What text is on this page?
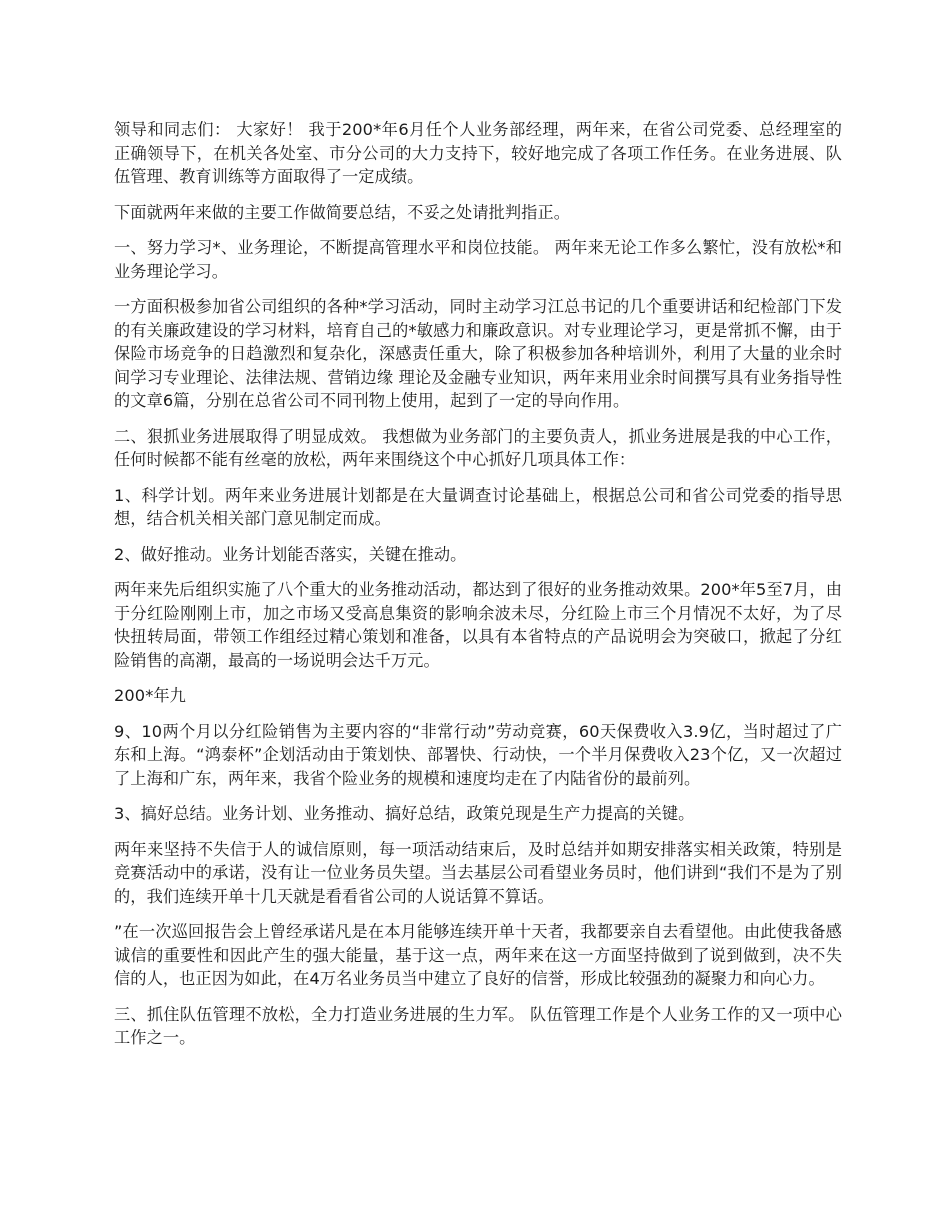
领导和同志们： 大家好！ 我于200*年6月任个人业务部经理，两年来，在省公司党委、总经理室的正确领导下，在机关各处室、市分公司的大力支持下，较好地完成了各项工作任务。在业务进展、队伍管理、教育训练等方面取得了一定成绩。

下面就两年来做的主要工作做简要总结，不妥之处请批判指正。

一、努力学习*、业务理论，不断提高管理水平和岗位技能。 两年来无论工作多么繁忙，没有放松*和业务理论学习。

一方面积极参加省公司组织的各种*学习活动，同时主动学习江总书记的几个重要讲话和纪检部门下发的有关廉政建设的学习材料，培育自己的*敏感力和廉政意识。对专业理论学习，更是常抓不懈，由于保险市场竞争的日趋激烈和复杂化，深感责任重大，除了积极参加各种培训外，利用了大量的业余时间学习专业理论、法律法规、营销边缘 理论及金融专业知识，两年来用业余时间撰写具有业务指导性的文章6篇，分别在总省公司不同刊物上使用，起到了一定的导向作用。

二、狠抓业务进展取得了明显成效。 我想做为业务部门的主要负责人，抓业务进展是我的中心工作，任何时候都不能有丝毫的放松，两年来围绕这个中心抓好几项具体工作：

1、科学计划。两年来业务进展计划都是在大量调查讨论基础上，根据总公司和省公司党委的指导思想，结合机关相关部门意见制定而成。

2、做好推动。业务计划能否落实，关键在推动。

两年来先后组织实施了八个重大的业务推动活动，都达到了很好的业务推动效果。200*年5至7月，由于分红险刚刚上市，加之市场又受高息集资的影响余波未尽，分红险上市三个月情况不太好，为了尽快扭转局面，带领工作组经过精心策划和准备，以具有本省特点的产品说明会为突破口，掀起了分红险销售的高潮，最高的一场说明会达千万元。

200*年九

9、10两个月以分红险销售为主要内容的“非常行动”劳动竞赛，60天保费收入3.9亿，当时超过了广东和上海。“鸿泰杯”企划活动由于策划快、部署快、行动快，一个半月保费收入23个亿，又一次超过了上海和广东，两年来，我省个险业务的规模和速度均走在了内陆省份的最前列。

3、搞好总结。业务计划、业务推动、搞好总结，政策兑现是生产力提高的关键。

两年来坚持不失信于人的诚信原则，每一项活动结束后，及时总结并如期安排落实相关政策，特别是竞赛活动中的承诺，没有让一位业务员失望。当去基层公司看望业务员时，他们讲到“我们不是为了别的，我们连续开单十几天就是看看省公司的人说话算不算话。

”在一次巡回报告会上曾经承诺凡是在本月能够连续开单十天者，我都要亲自去看望他。由此使我备感诚信的重要性和因此产生的强大能量，基于这一点，两年来在这一方面坚持做到了说到做到，决不失信的人，也正因为如此，在4万名业务员当中建立了良好的信誉，形成比较强劲的凝聚力和向心力。

三、抓住队伍管理不放松，全力打造业务进展的生力军。 队伍管理工作是个人业务工作的又一项中心工作之一。
